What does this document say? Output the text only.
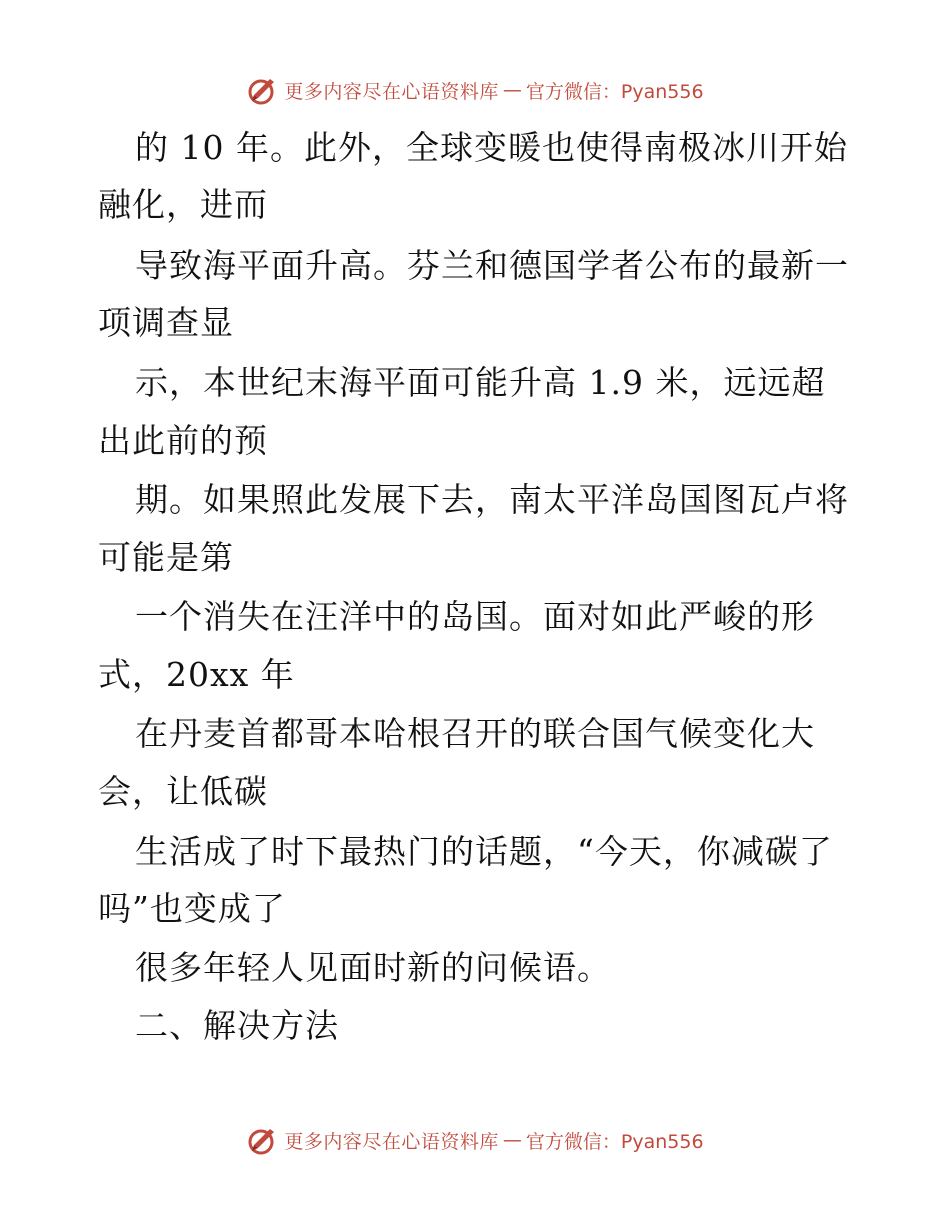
更多内容尽在心语资料库 — 官方微信：Pyan556
的 10 年。此外，全球变暖也使得南极冰川开始
融化，进而
导致海平面升高。芬兰和德国学者公布的最新一
项调查显
示，本世纪末海平面可能升高 1.9 米，远远超
出此前的预
期。如果照此发展下去，南太平洋岛国图瓦卢将
可能是第
一个消失在汪洋中的岛国。面对如此严峻的形
式，20xx 年
在丹麦首都哥本哈根召开的联合国气候变化大
会，让低碳
生活成了时下最热门的话题，“今天，你减碳了
吗”也变成了
很多年轻人见面时新的问候语。
二、解决方法
更多内容尽在心语资料库 — 官方微信：Pyan556
